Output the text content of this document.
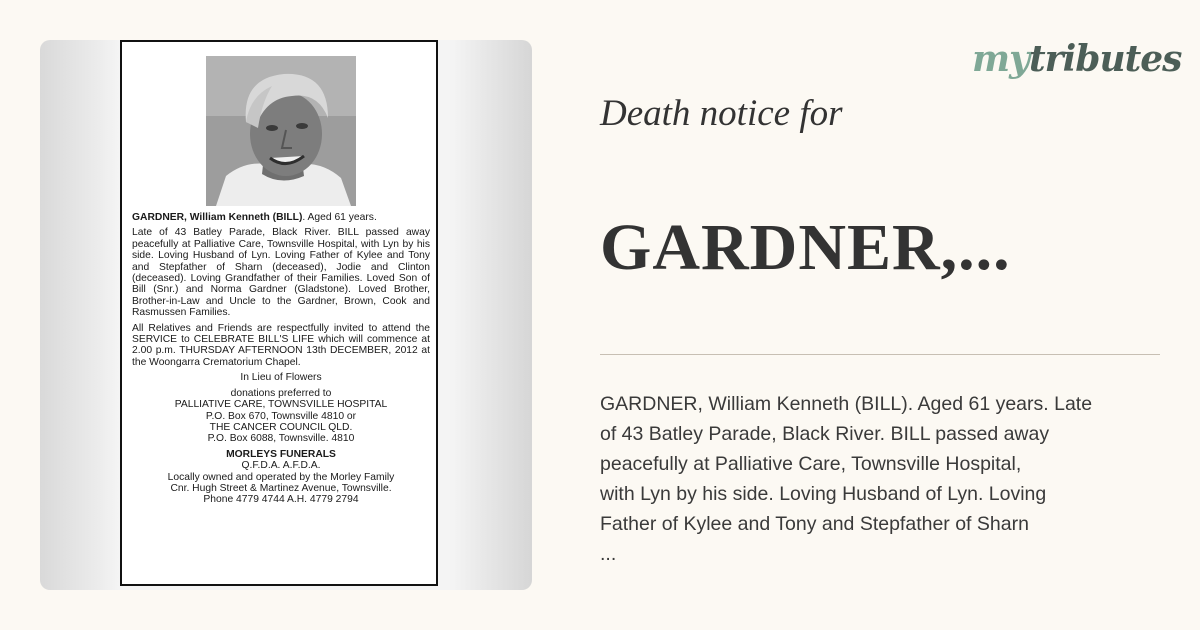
GARDNER, William Kenneth (BILL). Aged 61 years.

Late of 43 Batley Parade, Black River. BILL passed away peacefully at Palliative Care, Townsville Hospital, with Lyn by his side. Loving Husband of Lyn. Loving Father of Kylee and Tony and Stepfather of Sharn (deceased), Jodie and Clinton (deceased). Loving Grandfather of their Families. Loved Son of Bill (Snr.) and Norma Gardner (Gladstone). Loved Brother, Brother-in-Law and Uncle to the Gardner, Brown, Cook and Rasmussen Families.

All Relatives and Friends are respectfully invited to attend the SERVICE to CELEBRATE BILL'S LIFE which will commence at 2.00 p.m. THURSDAY AFTERNOON 13th DECEMBER, 2012 at the Woongarra Crematorium Chapel.

In Lieu of Flowers
donations preferred to
PALLIATIVE CARE, TOWNSVILLE HOSPITAL
P.O. Box 670, Townsville 4810 or
THE CANCER COUNCIL QLD.
P.O. Box 6088, Townsville. 4810
MORLEYS FUNERALS
Q.F.D.A. A.F.D.A.
Locally owned and operated by the Morley Family
Cnr. Hugh Street & Martinez Avenue, Townsville.
Phone 4779 4744 A.H. 4779 2794
mytributes
Death notice for
GARDNER,...
GARDNER, William Kenneth (BILL). Aged 61 years. Late
of 43 Batley Parade, Black River. BILL passed away
peacefully at Palliative Care, Townsville Hospital,
with Lyn by his side. Loving Husband of Lyn. Loving
Father of Kylee and Tony and Stepfather of Sharn
...
